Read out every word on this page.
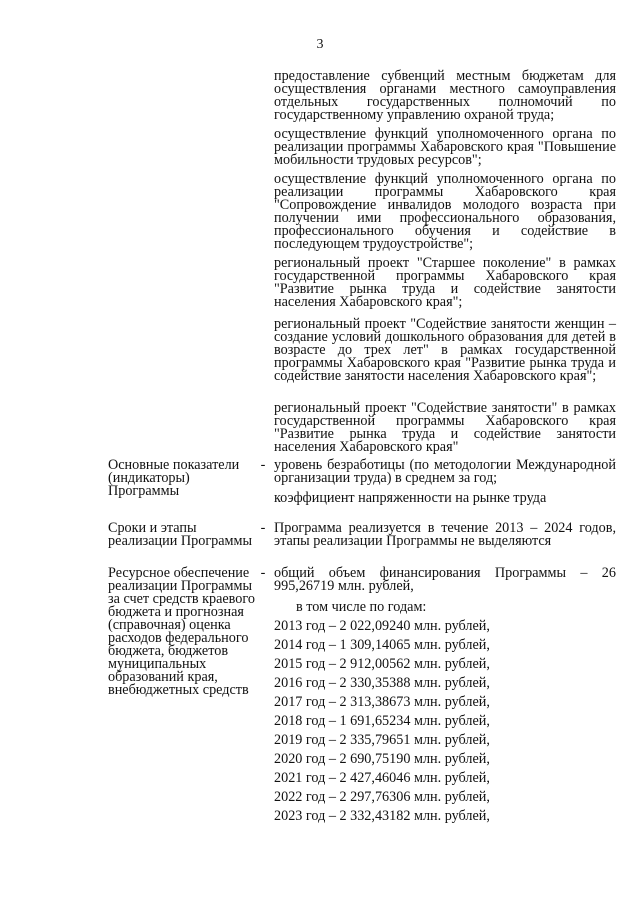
3
предоставление субвенций местным бюджетам для осуществления органами местного самоуправления отдельных государственных полномочий по государственному управлению охраной труда;
осуществление функций уполномоченного органа по реализации программы Хабаровского края "Повышение мобильности трудовых ресурсов";
осуществление функций уполномоченного органа по реализации программы Хабаровского края "Сопровождение инвалидов молодого возраста при получении ими профессионального образования, профессионального обучения и содействие в последующем трудоустройстве";
региональный проект "Старшее поколение" в рамках государственной программы Хабаровского края "Развитие рынка труда и содействие занятости населения Хабаровского края";
региональный проект "Содействие занятости женщин – создание условий дошкольного образования для детей в возрасте до трех лет" в рамках государственной программы Хабаровского края "Развитие рынка труда и содействие занятости населения Хабаровского края";
региональный проект "Содействие занятости" в рамках государственной программы Хабаровского края "Развитие рынка труда и содействие занятости населения Хабаровского края"
Основные показатели (индикаторы) Программы
- уровень безработицы (по методологии Международной организации труда) в среднем за год;
коэффициент напряженности на рынке труда
Сроки и этапы реализации Программы
- Программа реализуется в течение 2013 – 2024 годов, этапы реализации Программы не выделяются
Ресурсное обеспечение реализации Программы за счет средств краевого бюджета и прогнозная (справочная) оценка расходов федерального бюджета, бюджетов муниципальных образований края, внебюджетных средств
- общий объем финансирования Программы – 26 995,26719 млн. рублей,
в том числе по годам:
2013 год – 2 022,09240 млн. рублей,
2014 год – 1 309,14065 млн. рублей,
2015 год – 2 912,00562 млн. рублей,
2016 год – 2 330,35388 млн. рублей,
2017 год – 2 313,38673 млн. рублей,
2018 год – 1 691,65234 млн. рублей,
2019 год – 2 335,79651 млн. рублей,
2020 год – 2 690,75190 млн. рублей,
2021 год – 2 427,46046 млн. рублей,
2022 год – 2 297,76306 млн. рублей,
2023 год – 2 332,43182 млн. рублей,
